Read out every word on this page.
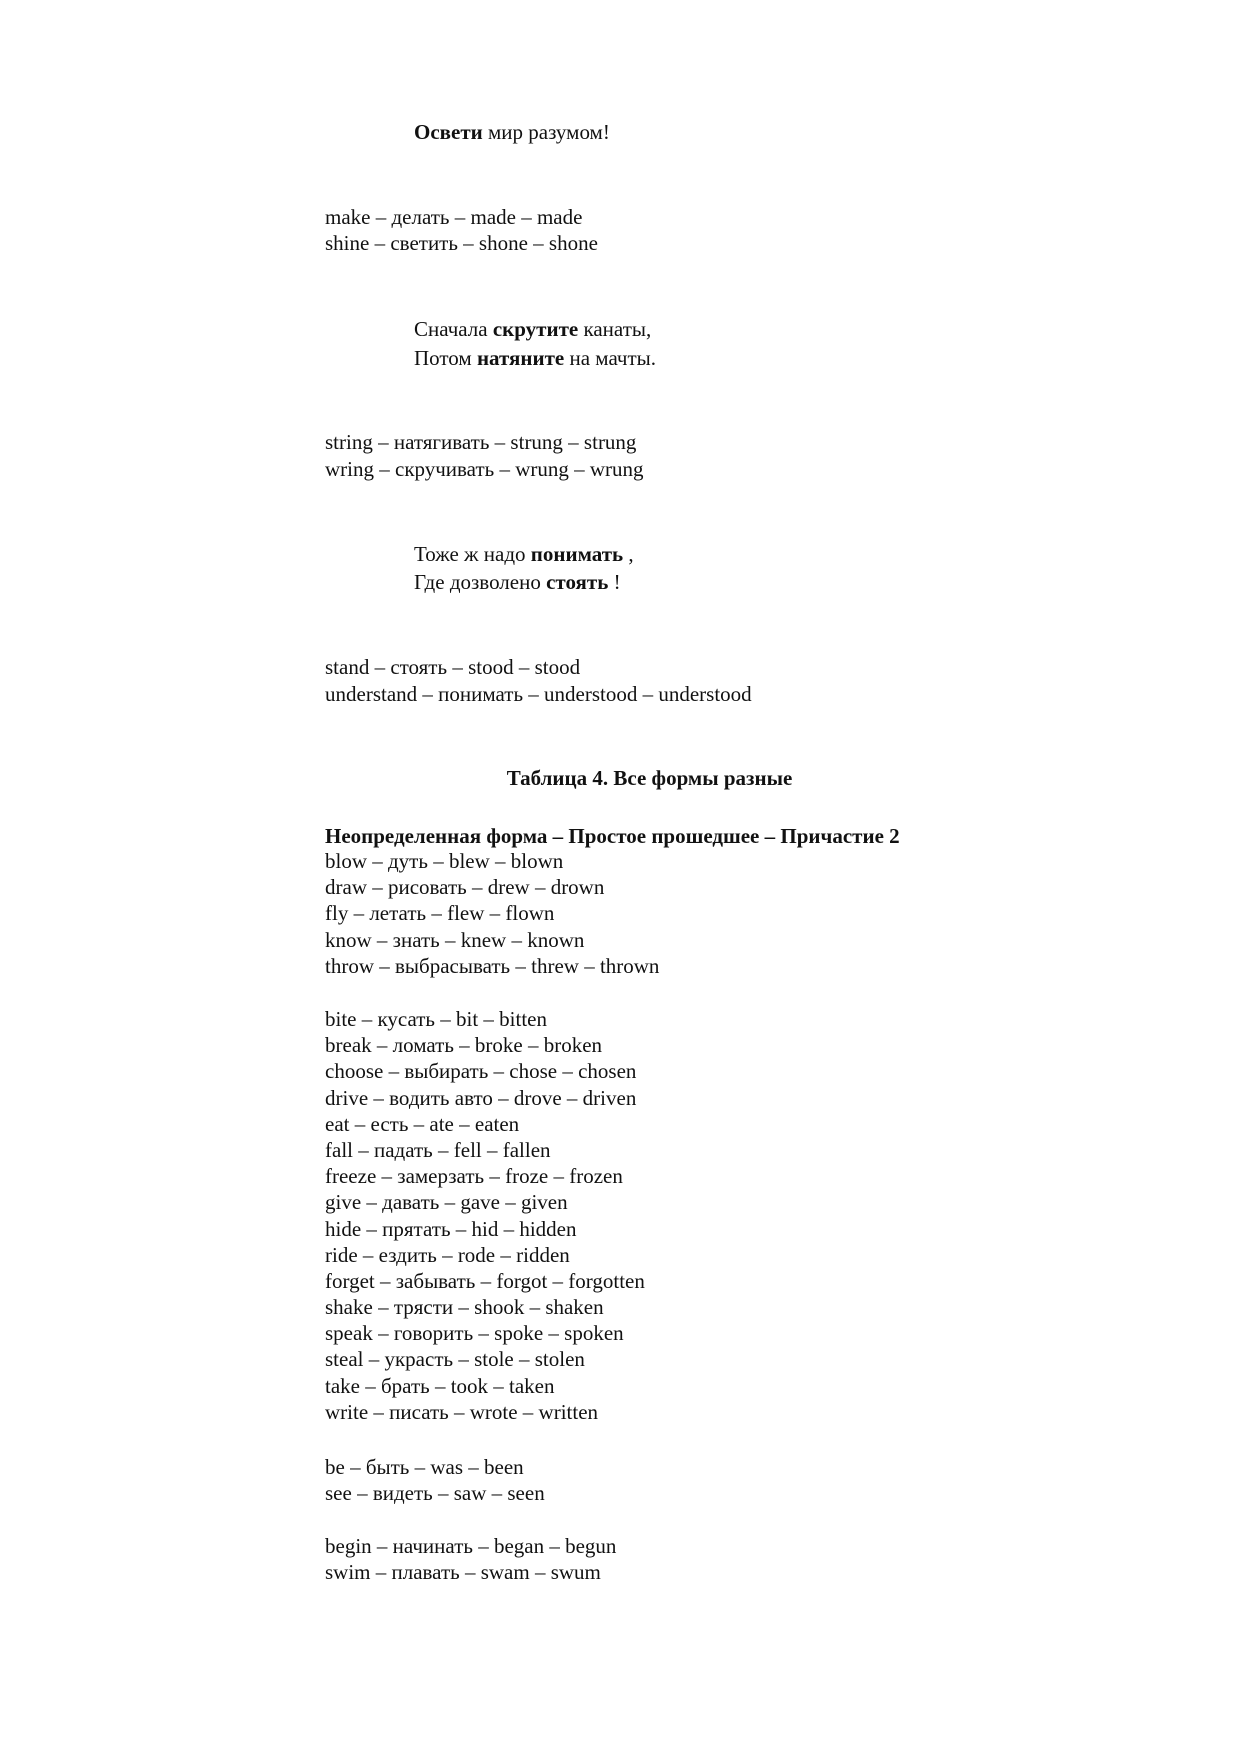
Освети мир разумом!
make – делать – made – made
shine – светить – shone – shone
Сначала скрутите канаты,
Потом натяните на мачты.
string – натягивать – strung – strung
wring – скручивать – wrung – wrung
Тоже ж надо понимать ,
Где дозволено стоять !
stand – стоять – stood – stood
understand – понимать – understood – understood
Таблица 4. Все формы разные
Неопределенная форма – Простое прошедшее – Причастие 2
blow – дуть – blew – blown
draw – рисовать – drew – drown
fly – летать – flew – flown
know – знать – knew – known
throw – выбрасывать – threw – thrown
bite – кусать – bit – bitten
break – ломать – broke – broken
choose – выбирать – chose – chosen
drive – водить авто – drove – driven
eat – есть – ate – eaten
fall – падать – fell – fallen
freeze – замерзать – froze – frozen
give – давать – gave – given
hide – прятать – hid – hidden
ride – ездить – rode – ridden
forget – забывать – forgot – forgotten
shake – трясти – shook – shaken
speak – говорить – spoke – spoken
steal – украсть – stole – stolen
take – брать – took – taken
write – писать – wrote – written
be – быть – was – been
see – видеть – saw – seen
begin – начинать – began – begun
swim – плавать – swam – swum
